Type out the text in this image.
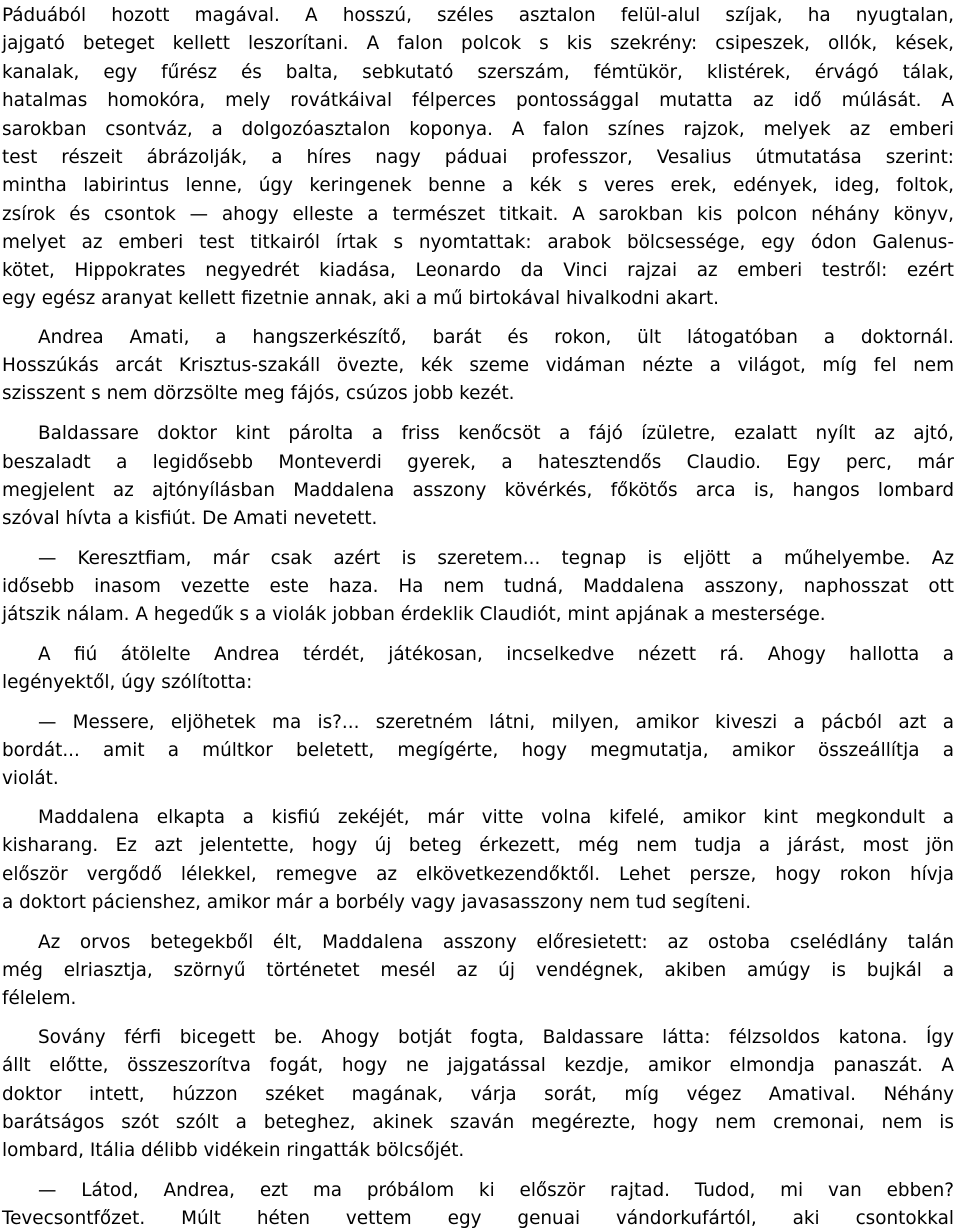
Páduából hozott magával. A hosszú, széles asztalon felül-alul szíjak, ha nyugtalan,
jajgató beteget kellett leszorítani. A falon polcok s kis szekrény: csipeszek, ollók, kések,
kanalak, egy fűrész és balta, sebkutató szerszám, fémtükör, klistérek, érvágó tálak,
hatalmas homokóra, mely rovátkáival félperces pontossággal mutatta az idő múlását. A
sarokban csontváz, a dolgozóasztalon koponya. A falon színes rajzok, melyek az emberi
test részeit ábrázolják, a híres nagy páduai professzor, Vesalius útmutatása szerint:
mintha labirintus lenne, úgy keringenek benne a kék s veres erek, edények, ideg, foltok,
zsírok és csontok — ahogy elleste a természet titkait. A sarokban kis polcon néhány könyv,
melyet az emberi test titkairól írtak s nyomtattak: arabok bölcsessége, egy ódon Galenus-
kötet, Hippokrates negyedrét kiadása, Leonardo da Vinci rajzai az emberi testről: ezért
egy egész aranyat kellett fizetnie annak, aki a mű birtokával hivalkodni akart.
Andrea Amati, a hangszerkészítő, barát és rokon, ült látogatóban a doktornál.
Hosszúkás arcát Krisztus-szakáll övezte, kék szeme vidáman nézte a világot, míg fel nem
szisszent s nem dörzsölte meg fájós, csúzos jobb kezét.
Baldassare doktor kint párolta a friss kenőcsöt a fájó ízületre, ezalatt nyílt az ajtó,
beszaladt a legidősebb Monteverdi gyerek, a hatesztendős Claudio. Egy perc, már
megjelent az ajtónyílásban Maddalena asszony kövérkés, főkötős arca is, hangos lombard
szóval hívta a kisfiút. De Amati nevetett.
— Keresztfiam, már csak azért is szeretem... tegnap is eljött a műhelyembe. Az
idősebb inasom vezette este haza. Ha nem tudná, Maddalena asszony, naphosszat ott
játszik nálam. A hegedűk s a violák jobban érdeklik Claudiót, mint apjának a mestersége.
A fiú átölelte Andrea térdét, játékosan, incselkedve nézett rá. Ahogy hallotta a
legényektől, úgy szólította:
— Messere, eljöhetek ma is?... szeretném látni, milyen, amikor kiveszi a pácból azt a
bordát... amit a múltkor beletett, megígérte, hogy megmutatja, amikor összeállítja a
violát.
Maddalena elkapta a kisfiú zekéjét, már vitte volna kifelé, amikor kint megkondult a
kisharang. Ez azt jelentette, hogy új beteg érkezett, még nem tudja a járást, most jön
először vergődő lélekkel, remegve az elkövetkezendőktől. Lehet persze, hogy rokon hívja
a doktort pácienshez, amikor már a borbély vagy javasasszony nem tud segíteni.
Az orvos betegekből élt, Maddalena asszony előresietett: az ostoba cselédlány talán
még elriasztja, szörnyű történetet mesél az új vendégnek, akiben amúgy is bujkál a
félelem.
Sovány férfi bicegett be. Ahogy botját fogta, Baldassare látta: félzsoldos katona. Így
állt előtte, összeszorítva fogát, hogy ne jajgatással kezdje, amikor elmondja panaszát. A
doktor intett, húzzon széket magának, várja sorát, míg végez Amatival. Néhány
barátságos szót szólt a beteghez, akinek szaván megérezte, hogy nem cremonai, nem is
lombard, Itália délibb vidékein ringatták bölcsőjét.
— Látod, Andrea, ezt ma próbálom ki először rajtad. Tudod, mi van ebben?
Tevecsontfőzet. Múlt héten vettem egy genuai vándorkufártól, aki csontokkal
